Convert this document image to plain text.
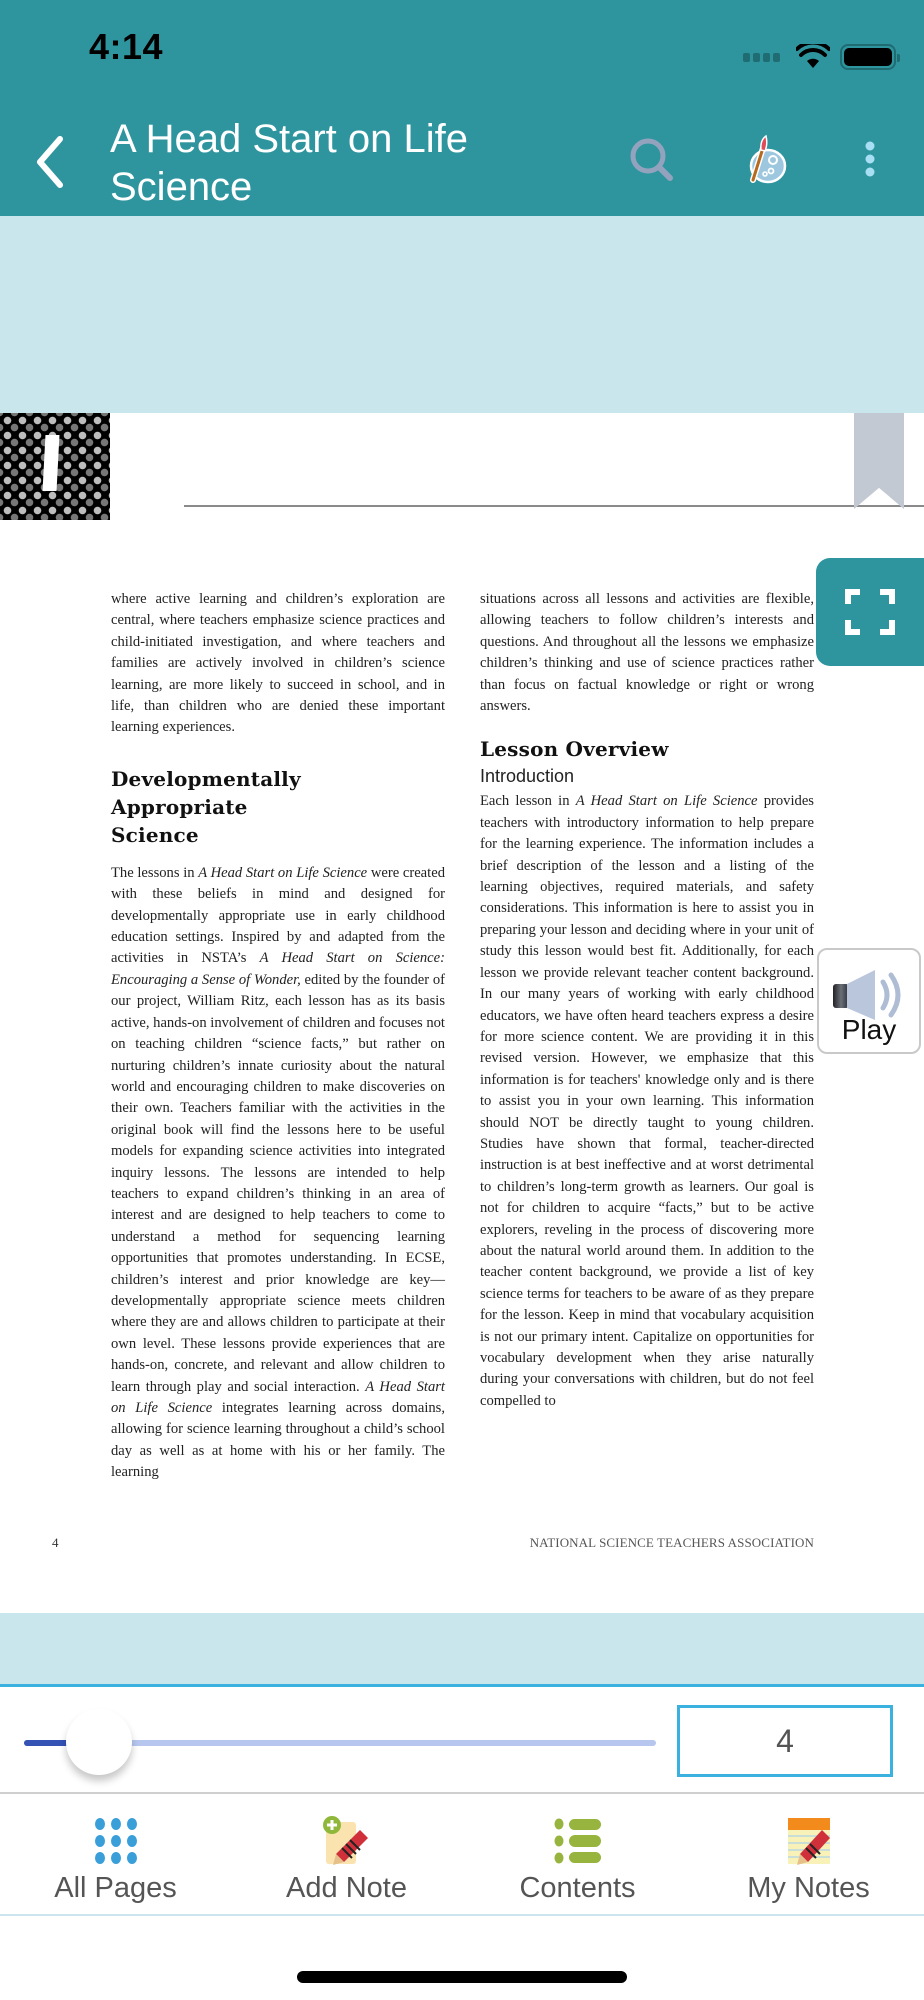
4:14
A Head Start on Life Science

where active learning and children’s exploration are central, where teachers emphasize science practices and child-initiated investigation, and where teachers and families are actively involved in children’s science learning, are more likely to succeed in school, and in life, than children who are denied these important learning experiences.

Developmentally Appropriate Science

The lessons in A Head Start on Life Science were created with these beliefs in mind and designed for developmentally appropriate use in early childhood education settings. Inspired by and adapted from the activities in NSTA’s A Head Start on Science: Encouraging a Sense of Wonder, edited by the founder of our project, William Ritz, each lesson has as its basis active, hands-on involvement of children and focuses not on teaching children “science facts,” but rather on nurturing children’s innate curiosity about the natural world and encouraging children to make discoveries on their own. Teachers familiar with the activities in the original book will find the lessons here to be useful models for expanding science activities into integrated inquiry lessons. The lessons are intended to help teachers to expand children’s thinking in an area of interest and are designed to help teachers to come to understand a method for sequencing learning opportunities that promotes understanding. In ECSE, children’s interest and prior knowledge are key—developmentally appropriate science meets children where they are and allows children to participate at their own level. These lessons provide experiences that are hands-on, concrete, and relevant and allow children to learn through play and social interaction. A Head Start on Life Science integrates learning across domains, allowing for science learning throughout a child’s school day as well as at home with his or her family. The learning

situations across all lessons and activities are flexible, allowing teachers to follow children’s interests and questions. And throughout all the lessons we emphasize children’s thinking and use of science practices rather than focus on factual knowledge or right or wrong answers.

Lesson Overview
Introduction

Each lesson in A Head Start on Life Science provides teachers with introductory information to help prepare for the learning experience. The information includes a brief description of the lesson and a listing of the learning objectives, required materials, and safety considerations. This information is here to assist you in preparing your lesson and deciding where in your unit of study this lesson would best fit. Additionally, for each lesson we provide relevant teacher content background. In our many years of working with early childhood educators, we have often heard teachers express a desire for more science content. We are providing it in this revised version. However, we emphasize that this information is for teachers' knowledge only and is there to assist you in your own learning. This information should NOT be directly taught to young children. Studies have shown that formal, teacher-directed instruction is at best ineffective and at worst detrimental to children’s long-term growth as learners. Our goal is not for children to acquire “facts,” but to be active explorers, reveling in the process of discovering more about the natural world around them. In addition to the teacher content background, we provide a list of key science terms for teachers to be aware of as they prepare for the lesson. Keep in mind that vocabulary acquisition is not our primary intent. Capitalize on opportunities for vocabulary development when they arise naturally during your conversations with children, but do not feel compelled to

4	NATIONAL SCIENCE TEACHERS ASSOCIATION
Play
4
All Pages	Add Note	Contents	My Notes
